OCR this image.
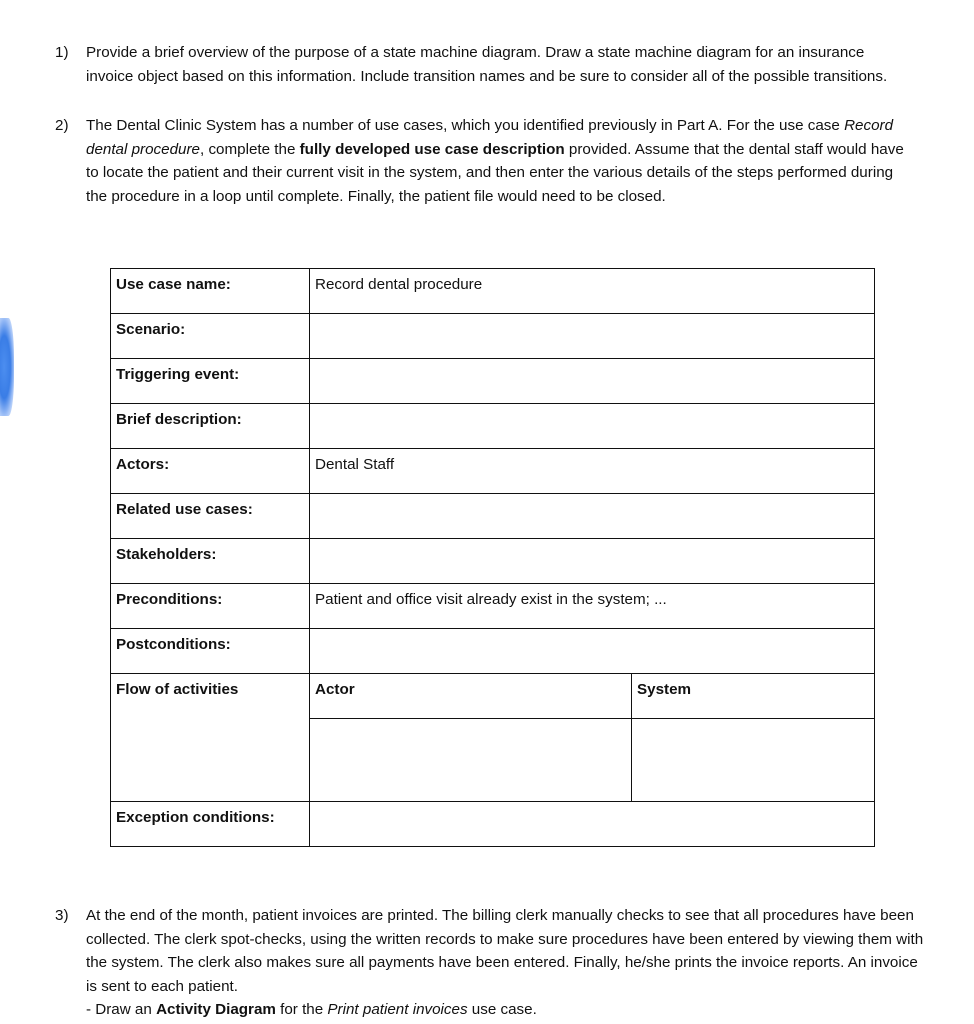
1) Provide a brief overview of the purpose of a state machine diagram. Draw a state machine diagram for an insurance invoice object based on this information. Include transition names and be sure to consider all of the possible transitions.
2) The Dental Clinic System has a number of use cases, which you identified previously in Part A. For the use case Record dental procedure, complete the fully developed use case description provided. Assume that the dental staff would have to locate the patient and their current visit in the system, and then enter the various details of the steps performed during the procedure in a loop until complete. Finally, the patient file would need to be closed.
Use case name:	Record dental procedure	
Scenario:		
Triggering event:		
Brief description:		
Actors:	Dental Staff	
Related use cases:		
Stakeholders:		
Preconditions:	Patient and office visit already exist in the system; ...	
Postconditions:		
Flow of activities	Actor	System

Exception conditions:		
3) At the end of the month, patient invoices are printed. The billing clerk manually checks to see that all procedures have been collected. The clerk spot-checks, using the written records to make sure procedures have been entered by viewing them with the system. The clerk also makes sure all payments have been entered. Finally, he/she prints the invoice reports. An invoice is sent to each patient.
- Draw an Activity Diagram for the Print patient invoices use case.
